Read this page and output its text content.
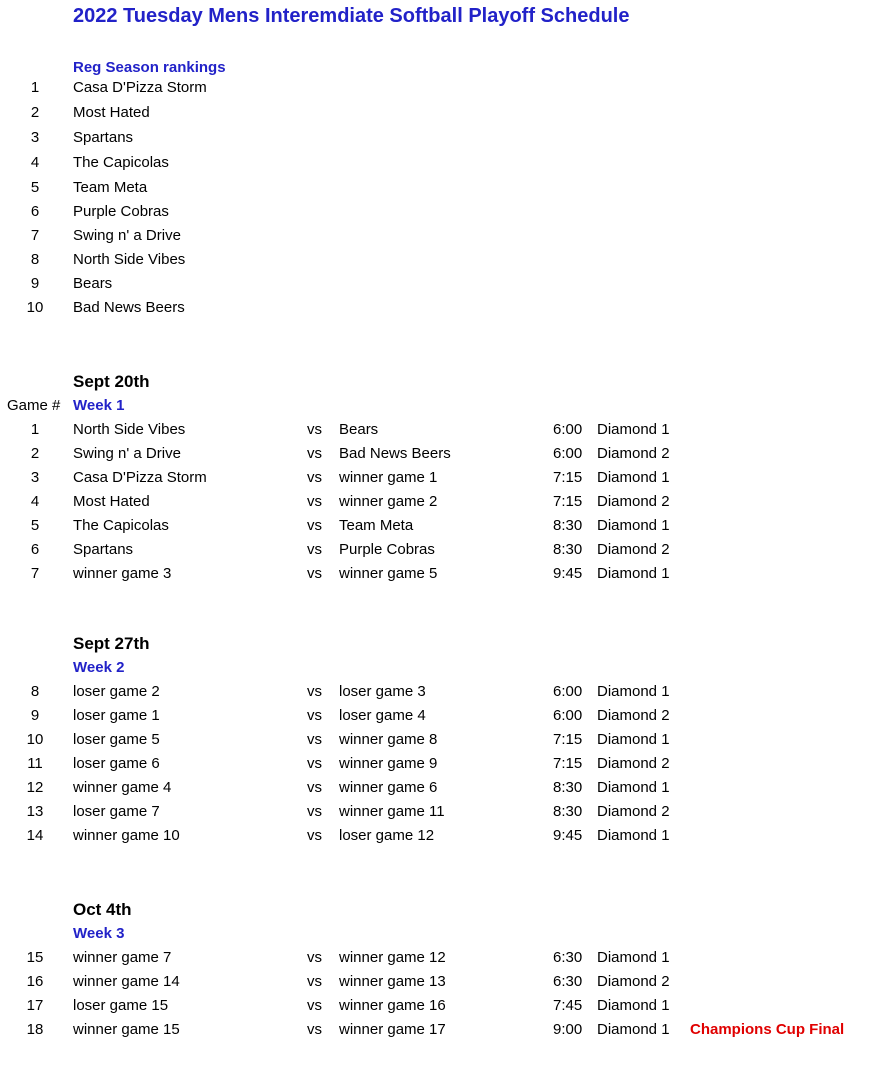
2022 Tuesday Mens Interemdiate Softball Playoff Schedule
Reg Season rankings
1	Casa D'Pizza Storm
2	Most Hated
3	Spartans
4	The Capicolas
5	Team Meta
6	Purple Cobras
7	Swing n' a Drive
8	North Side Vibes
9	Bears
10	Bad News Beers
Game #
Sept 20th
Week 1
1	North Side Vibes	vs Bears	6:00 Diamond 1
2	Swing n' a Drive	vs Bad News Beers	6:00 Diamond 2
3	Casa D'Pizza Storm	vs winner game 1	7:15 Diamond 1
4	Most Hated	vs winner game 2	7:15 Diamond 2
5	The Capicolas	vs Team Meta	8:30 Diamond 1
6	Spartans	vs Purple Cobras	8:30 Diamond 2
7	winner game 3	vs winner game 5	9:45 Diamond 1
Sept 27th
Week 2
8	loser game 2	vs loser game 3	6:00 Diamond 1
9	loser game 1	vs loser game 4	6:00 Diamond 2
10	loser game 5	vs winner game 8	7:15 Diamond 1
11	loser game 6	vs winner game 9	7:15 Diamond 2
12	winner game 4	vs winner game 6	8:30 Diamond 1
13	loser game 7	vs winner game 11	8:30 Diamond 2
14	winner game 10	vs loser game 12	9:45 Diamond 1
Oct 4th
Week 3
15	winner game 7	vs winner game 12	6:30 Diamond 1
16	winner game 14	vs winner game 13	6:30 Diamond 2
17	loser game 15	vs winner game 16	7:45 Diamond 1
18	winner game 15	vs winner game 17	9:00 Diamond 1 Champions Cup Final
